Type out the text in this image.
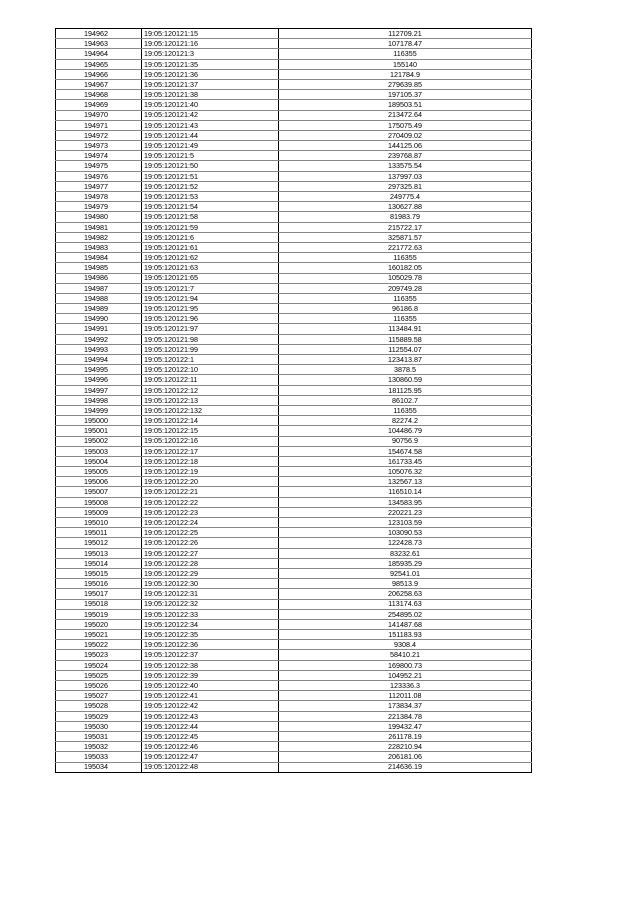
194962	19:05:120121:15	112709.21
194963	19:05:120121:16	107178.47
194964	19:05:120121:3	116355
194965	19:05:120121:35	155140
194966	19:05:120121:36	121784.9
194967	19:05:120121:37	279639.85
194968	19:05:120121:38	197105.37
194969	19:05:120121:40	189503.51
194970	19:05:120121:42	213472.64
194971	19:05:120121:43	175075.49
194972	19:05:120121:44	270409.02
194973	19:05:120121:49	144125.06
194974	19:05:120121:5	239768.87
194975	19:05:120121:50	133575.54
194976	19:05:120121:51	137997.03
194977	19:05:120121:52	297325.81
194978	19:05:120121:53	249775.4
194979	19:05:120121:54	130627.88
194980	19:05:120121:58	81983.79
194981	19:05:120121:59	215722.17
194982	19:05:120121:6	325871.57
194983	19:05:120121:61	221772.63
194984	19:05:120121:62	116355
194985	19:05:120121:63	160182.05
194986	19:05:120121:65	105029.78
194987	19:05:120121:7	209749.28
194988	19:05:120121:94	116355
194989	19:05:120121:95	96186.8
194990	19:05:120121:96	116355
194991	19:05:120121:97	113484.91
194992	19:05:120121:98	115889.58
194993	19:05:120121:99	112554.07
194994	19:05:120122:1	123413.87
194995	19:05:120122:10	3878.5
194996	19:05:120122:11	130860.59
194997	19:05:120122:12	181125.95
194998	19:05:120122:13	86102.7
194999	19:05:120122:132	116355
195000	19:05:120122:14	82274.2
195001	19:05:120122:15	104486.79
195002	19:05:120122:16	90756.9
195003	19:05:120122:17	154674.58
195004	19:05:120122:18	161733.45
195005	19:05:120122:19	105076.32
195006	19:05:120122:20	132567.13
195007	19:05:120122:21	116510.14
195008	19:05:120122:22	134583.95
195009	19:05:120122:23	220221.23
195010	19:05:120122:24	123103.59
195011	19:05:120122:25	103090.53
195012	19:05:120122:26	122428.73
195013	19:05:120122:27	83232.61
195014	19:05:120122:28	185935.29
195015	19:05:120122:29	92541.01
195016	19:05:120122:30	98513.9
195017	19:05:120122:31	206258.63
195018	19:05:120122:32	113174.63
195019	19:05:120122:33	254895.02
195020	19:05:120122:34	141487.68
195021	19:05:120122:35	151183.93
195022	19:05:120122:36	9308.4
195023	19:05:120122:37	58410.21
195024	19:05:120122:38	169800.73
195025	19:05:120122:39	104952.21
195026	19:05:120122:40	123336.3
195027	19:05:120122:41	112011.08
195028	19:05:120122:42	173834.37
195029	19:05:120122:43	221384.78
195030	19:05:120122:44	199432.47
195031	19:05:120122:45	261178.19
195032	19:05:120122:46	228210.94
195033	19:05:120122:47	206181.06
195034	19:05:120122:48	214636.19
